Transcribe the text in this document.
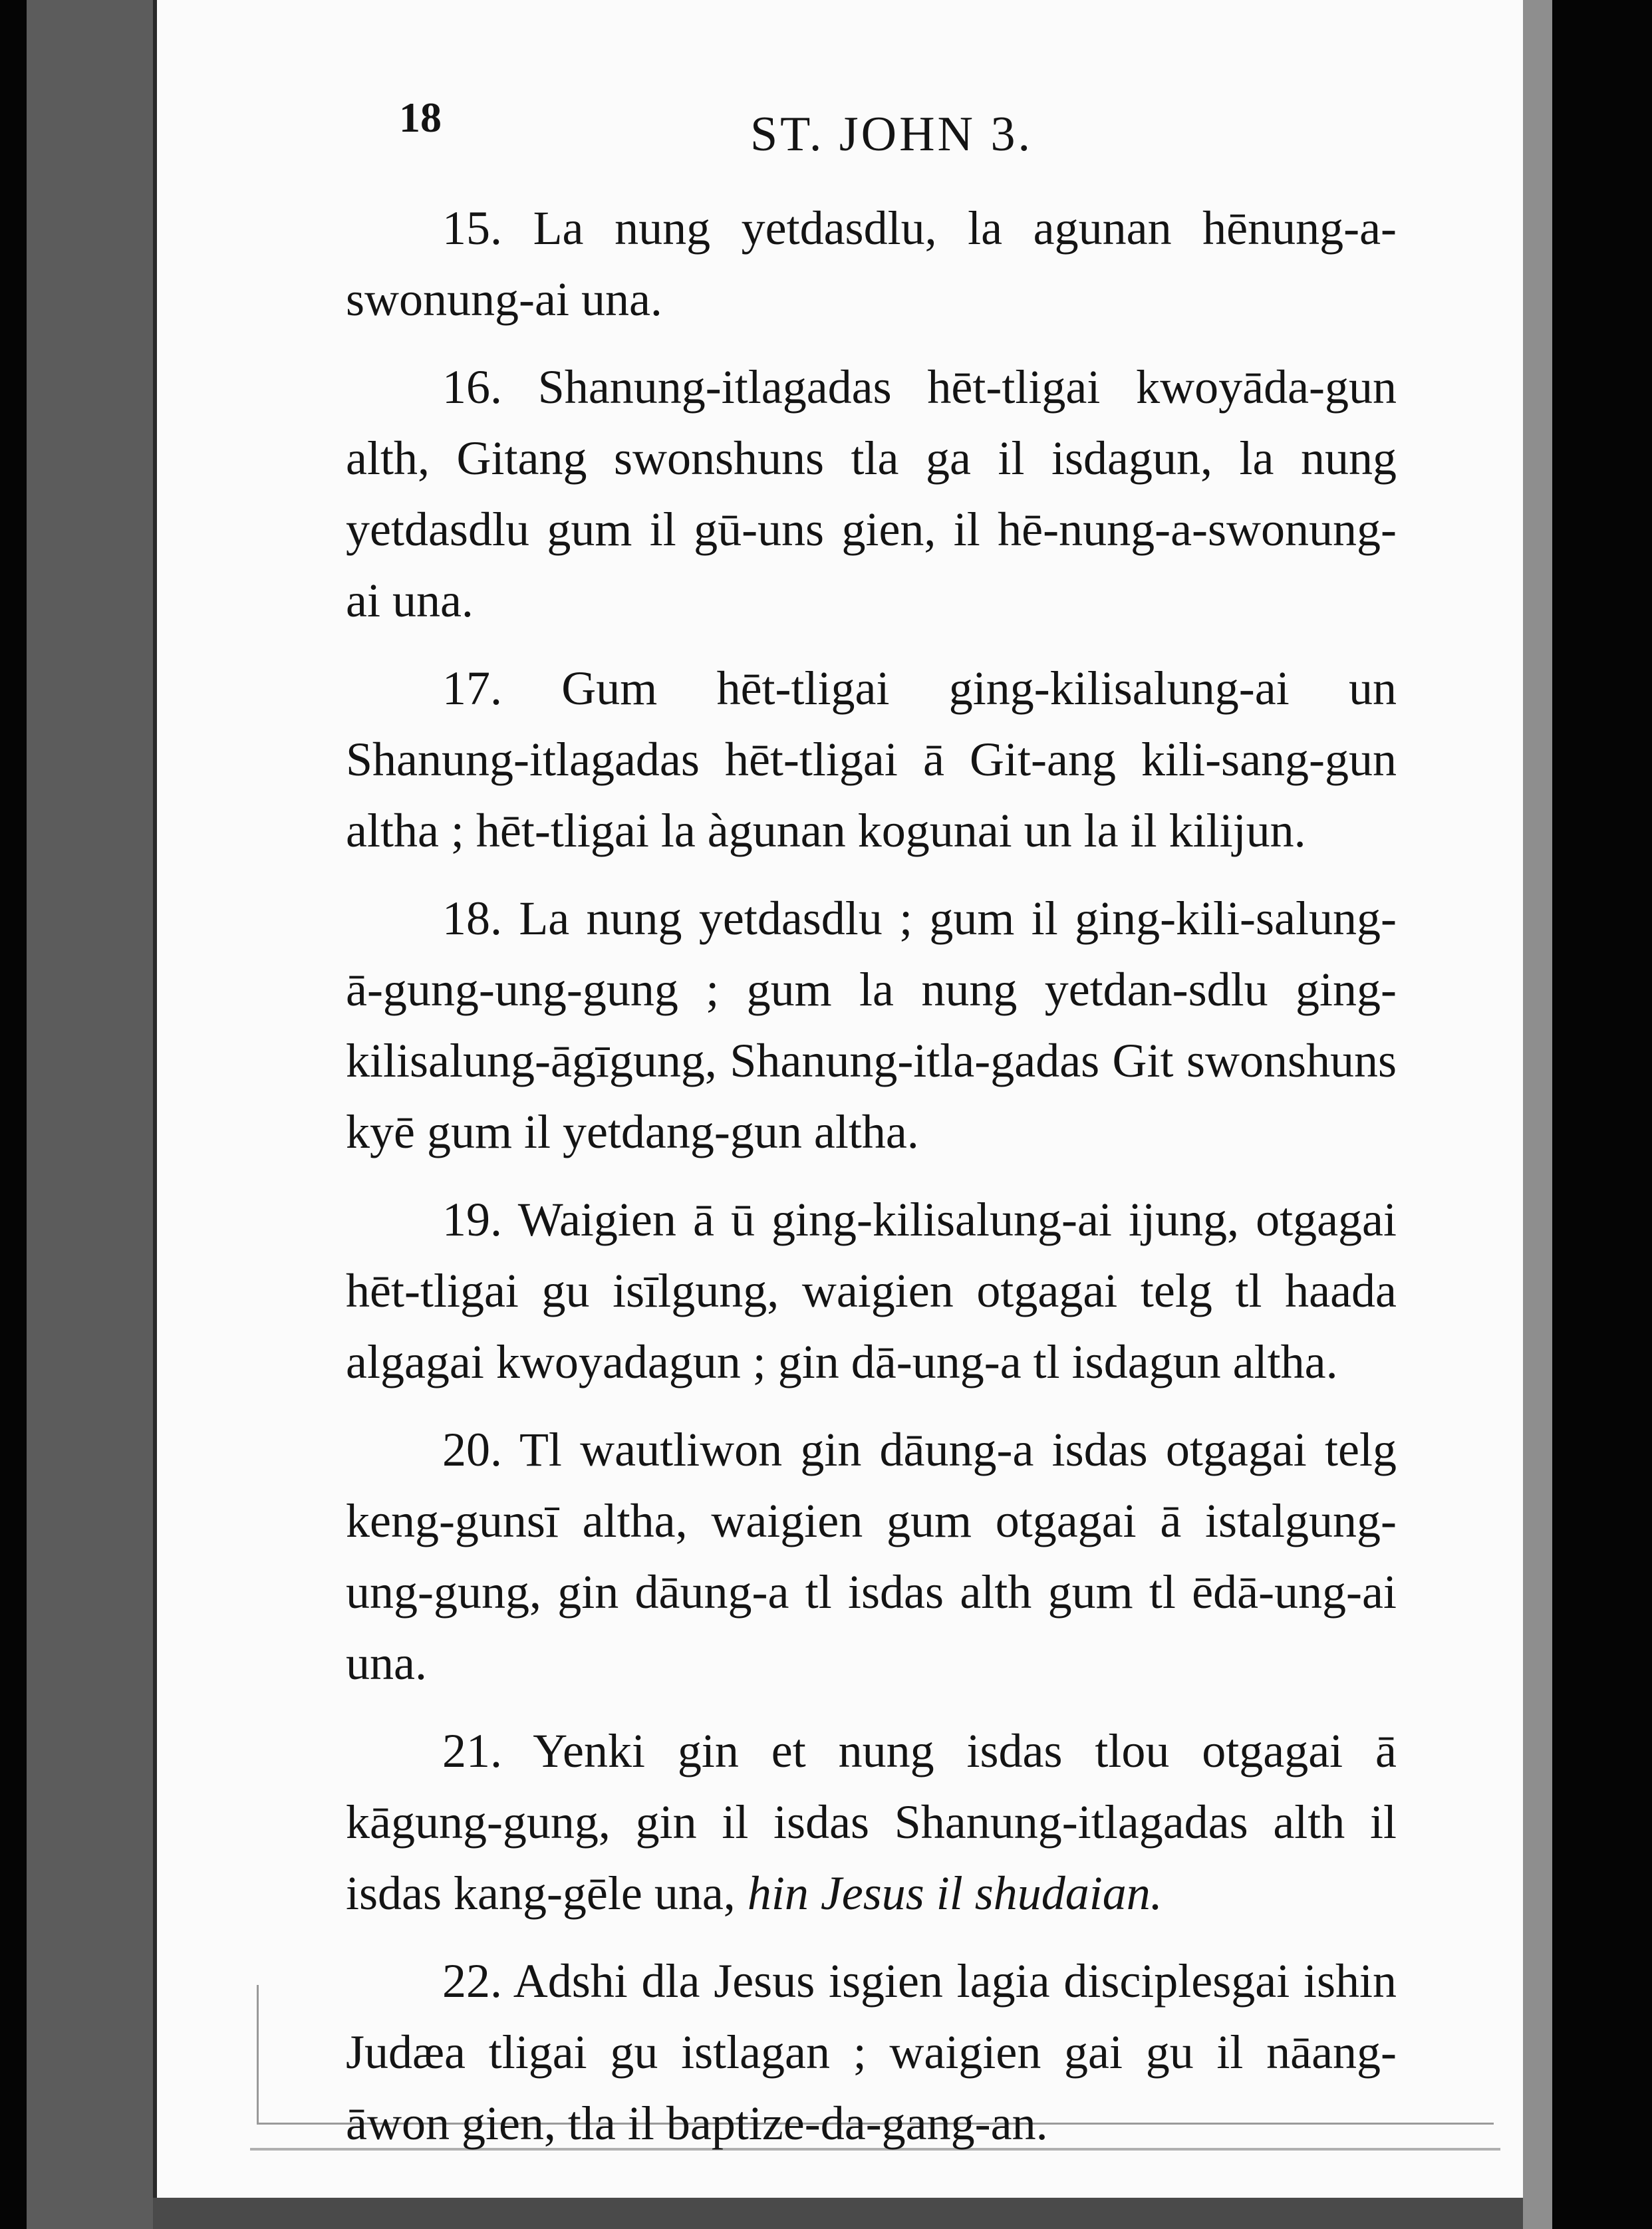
18	ST. JOHN 3.

15. La nung yetdasdlu, la agunan hēnung-a-swonung-ai una.

16. Shanung-itlagadas hēt-tligai kwoyāda-gun alth, Gitang swonshuns tla ga il isdagun, la nung yetdasdlu gum il gū-uns gien, il hē-nung-a-swonung-ai una.

17. Gum hēt-tligai ging-kilisalung-ai un Shanung-itlagadas hēt-tligai ā Git-ang kili-sang-gun altha ; hēt-tligai la àgunan kogunai un la il kilijun.

18. La nung yetdasdlu ; gum il ging-kili-salung-ā-gung-ung-gung ; gum la nung yetdan-sdlu ging-kilisalung-āgīgung, Shanung-itla-gadas Git swonshuns kyē gum il yetdang-gun altha.

19. Waigien ā ū ging-kilisalung-ai ijung, otgagai hēt-tligai gu isīlgung, waigien otgagai telg tl haada algagai kwoyadagun ; gin dā-ung-a tl isdagun altha.

20. Tl wautliwon gin dāung-a isdas otgagai telg keng-gunsī altha, waigien gum otgagai ā istalgung-ung-gung, gin dāung-a tl isdas alth gum tl ēdā-ung-ai una.

21. Yenki gin et nung isdas tlou otgagai ā kāgung-gung, gin il isdas Shanung-itlagadas alth il isdas kang-gēle una, hin Jesus il shudaian.

22. Adshi dla Jesus isgien lagia disciplesgai ishin Judæa tligai gu istlagan ; waigien gai gu il nāang-āwon gien, tla il baptize-da-gang-an.
